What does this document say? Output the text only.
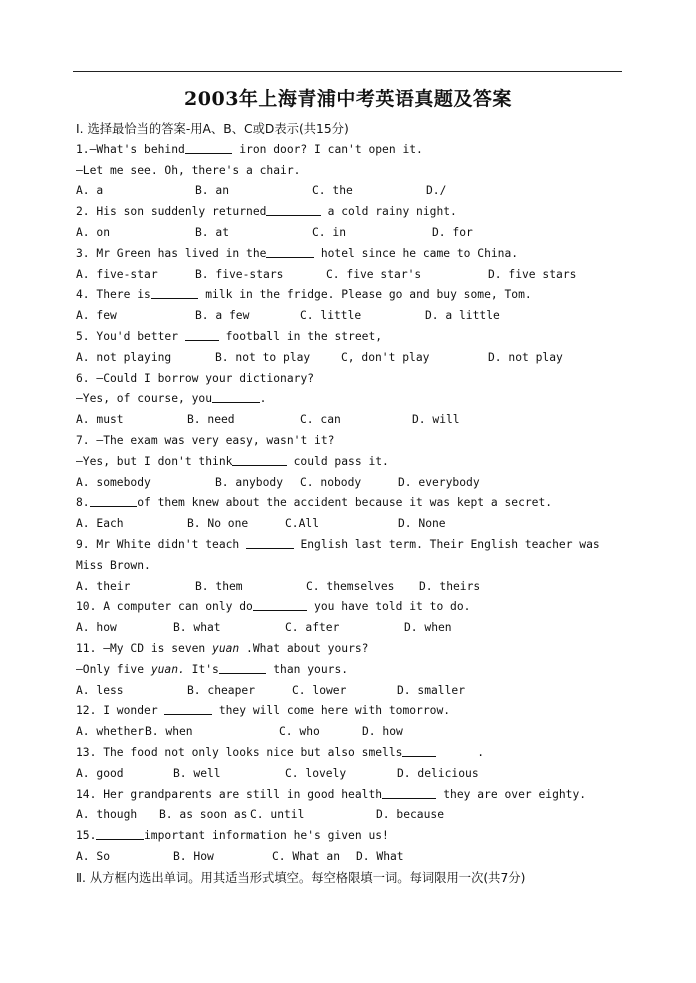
2003年上海青浦中考英语真题及答案
Ⅰ. 选择最恰当的答案-用A、B、C或D表示(共15分)
1.—What's behind	iron door? I can't open it.
—Let me see. Oh, there's a chair.
A. a	B. an	C. the	D./
2. His son suddenly returned	a cold rainy night.
A. on	B. at	C. in	D. for
3. Mr Green has lived in the	hotel since he came to China.
A. five-star	B. five-stars	C. five star's	D. five stars
4. There is	milk in the fridge. Please go and buy some, Tom.
A. few	B. a few	C. little	D. a little
5. You'd better	football in the street,
A. not playing	B. not to play	C, don't play	D. not play
6. —Could I borrow your dictionary?
—Yes, of course, you	.
A. must	B. need	C. can	D. will
7. —The exam was very easy, wasn't it?
—Yes, but I don't think	could pass it.
A. somebody	B. anybody C. nobody	D. everybody
8.	of them knew about the accident because it was kept a secret.
A. Each	B. No one	C.All	D. None
9. Mr White didn't teach	English last term. Their English teacher was
Miss Brown.
A. their	B. them	C. themselves D. theirs
10. A computer can only do	you have told it to do.
A. how	B. what	C. after	D. when
11. —My CD is seven yuan .What about yours?
—Only five yuan. It's	than yours.
A. less	B. cheaper	C. lower	D. smaller
12. I wonder	they will come here with tomorrow.
A. whether B. when	C. who	D. how
13. The food not only looks nice but also smells	.
A. good	B. well	C. lovely	D. delicious
14. Her grandparents are still in good health	they are over eighty.
A. though B. as soon as C. until	D. because
15.	important information he's given us!
A. So	B. How	C. What an D. What
Ⅱ. 从方框内选出单词。用其适当形式填空。每空格限填一词。每词限用一次(共7分)
